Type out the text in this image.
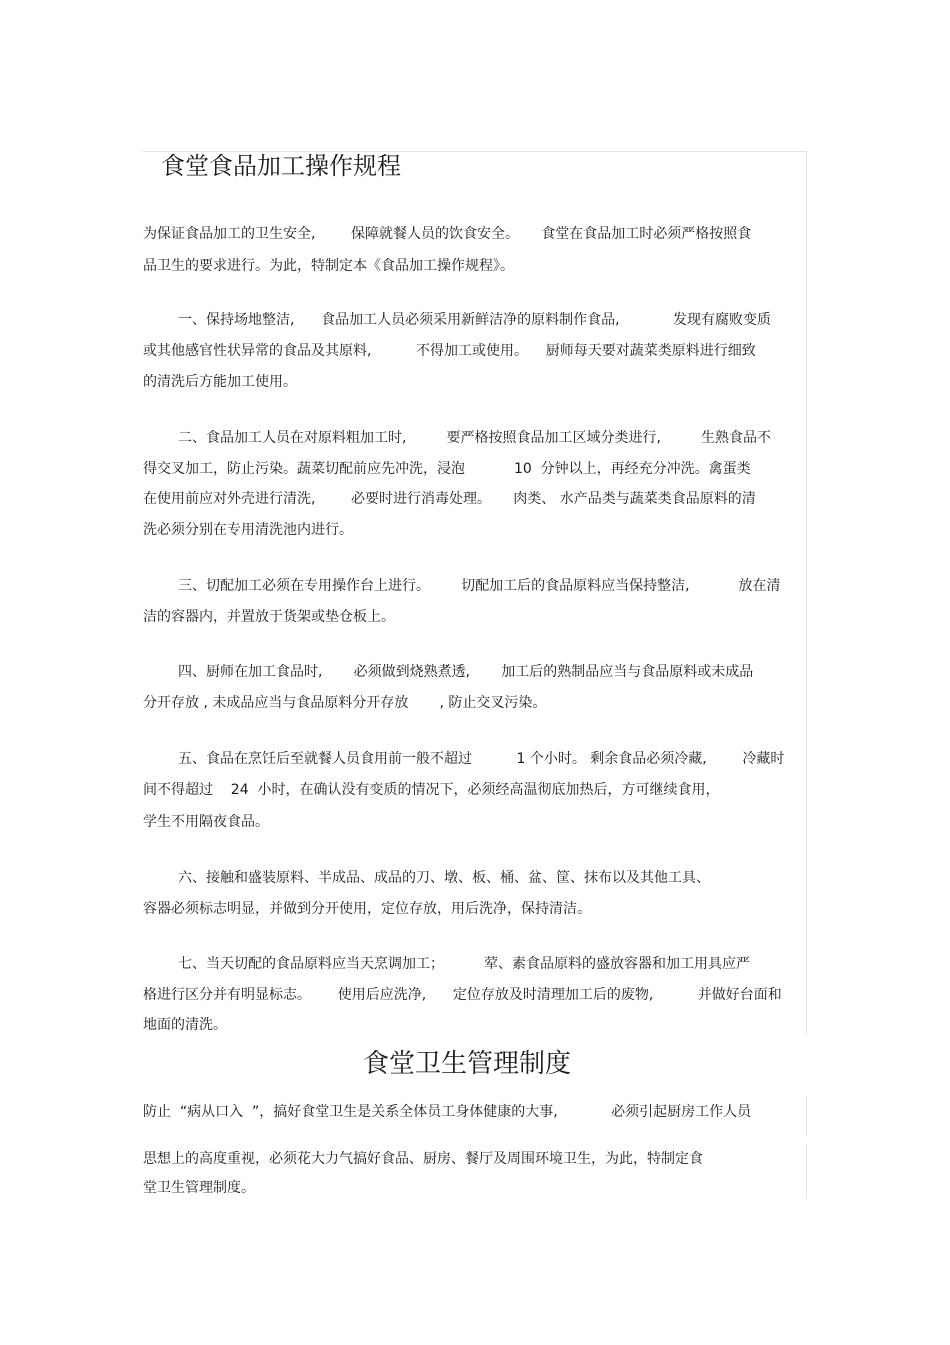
食堂食品加工操作规程

为保证食品加工的卫生安全,        保障就餐人员的饮食安全。     食堂在食品加工时必须严格按照食

品卫生的要求进行。为此，特制定本《食品加工操作规程》。

一、保持场地整洁,      食品加工人员必须采用新鲜洁净的原料制作食品,            发现有腐败变质

或其他感官性状异常的食品及其原料,          不得加工或使用。    厨师每天要对蔬菜类原料进行细致

的清洗后方能加工使用。

二、食品加工人员在对原料粗加工时,         要严格按照食品加工区域分类进行,         生熟食品不

得交叉加工，防止污染。蔬菜切配前应先冲洗，浸泡           10  分钟以上，再经充分冲洗。禽蛋类

在使用前应对外壳进行清洗,        必要时进行消毒处理。     肉类、 水产品类与蔬菜类食品原料的清

洗必须分别在专用清洗池内进行。

三、切配加工必须在专用操作台上进行。       切配加工后的食品原料应当保持整洁,           放在清

洁的容器内，并置放于货架或垫仓板上。

四、厨师在加工食品时,       必须做到烧熟煮透,       加工后的熟制品应当与食品原料或未成品

分开存放 , 未成品应当与食品原料分开存放       , 防止交叉污染。

五、食品在烹饪后至就餐人员食用前一般不超过          1 个小时。 剩余食品必须冷藏,        冷藏时

间不得超过    24  小时，在确认没有变质的情况下，必须经高温彻底加热后，方可继续食用，

学生不用隔夜食品。

六、接触和盛装原料、半成品、成品的刀、墩、板、桶、盆、筐、抹布以及其他工具、

容器必须标志明显，并做到分开使用，定位存放，用后洗净，保持清洁。

七、当天切配的食品原料应当天烹调加工；         荤、素食品原料的盛放容器和加工用具应严

格进行区分并有明显标志。      使用后应洗净,      定位存放及时清理加工后的废物,          并做好台面和

地面的清洗。

食堂卫生管理制度

防止  “病从口入  ”，搞好食堂卫生是关系全体员工身体健康的大事,            必须引起厨房工作人员

思想上的高度重视，必须花大力气搞好食品、厨房、餐厅及周围环境卫生，为此，特制定食

堂卫生管理制度。
